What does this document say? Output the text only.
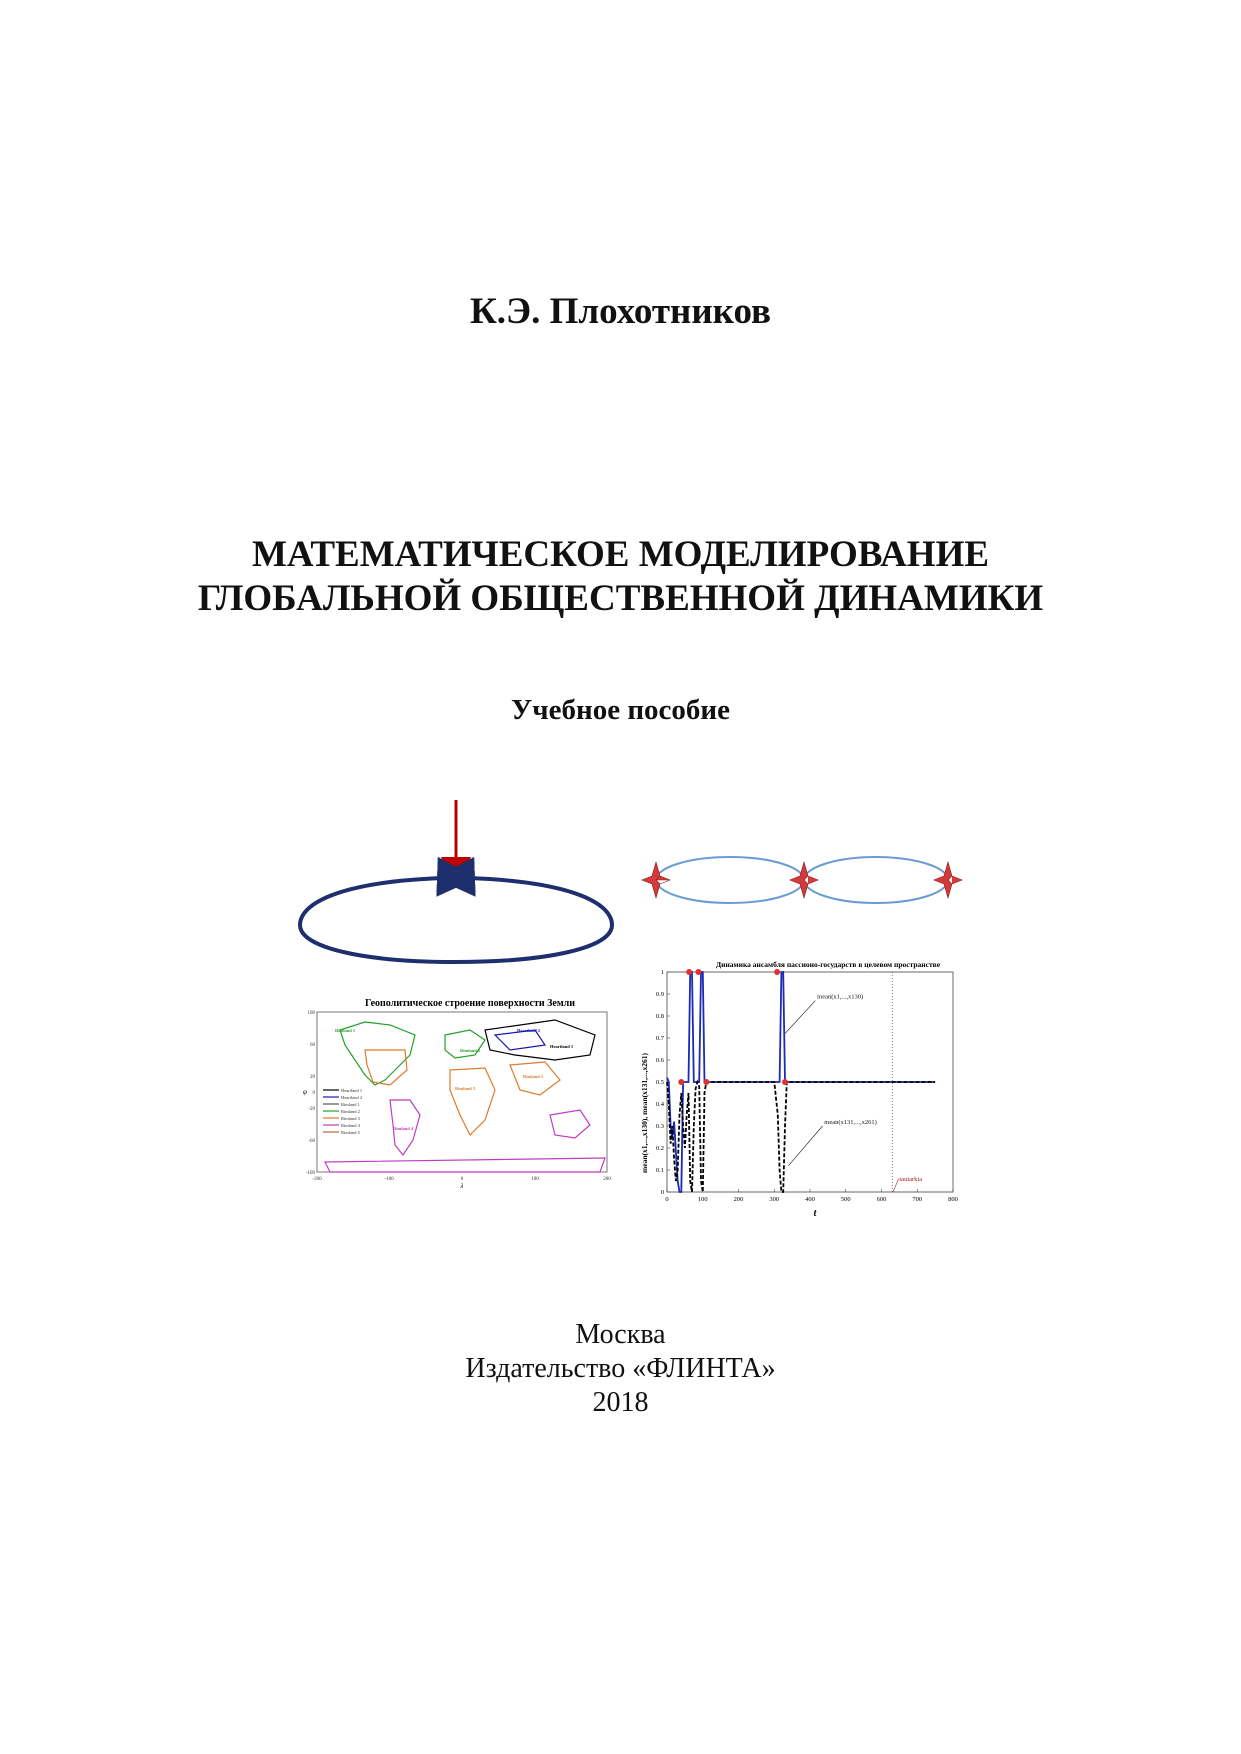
К.Э. Плохотников
МАТЕМАТИЧЕСКОЕ МОДЕЛИРОВАНИЕ
ГЛОБАЛЬНОЙ ОБЩЕСТВЕННОЙ ДИНАМИКИ
Учебное пособие
Геополитическое строение поверхности Земли
100
60
20
0
-20
-60
-100
-200	-100	0	100	200
λ
φ	Heartland 1
Heartland 2
Rimland 1
Rimland 2
Rimland 3
Rimland 4
Rimland 5
Heartland 1
Heartland 2
Rimland 1
Rimland 2
Rimland 3
Rimland 4
Rimland 5
Динамика ансамбля пассионо-государств в целевом пространстве
t
mean(x1,...,x130), mean(x131,...,x261)
0	100	200	300	400	500	600	700	800
0
0.1
0.2
0.3
0.4
0.5
0.6
0.7
0.8
0.9
1
mean(x1,...,x130)
mean(x131,...,x261)
tautarkia
Москва
Издательство «ФЛИНТА»
2018
